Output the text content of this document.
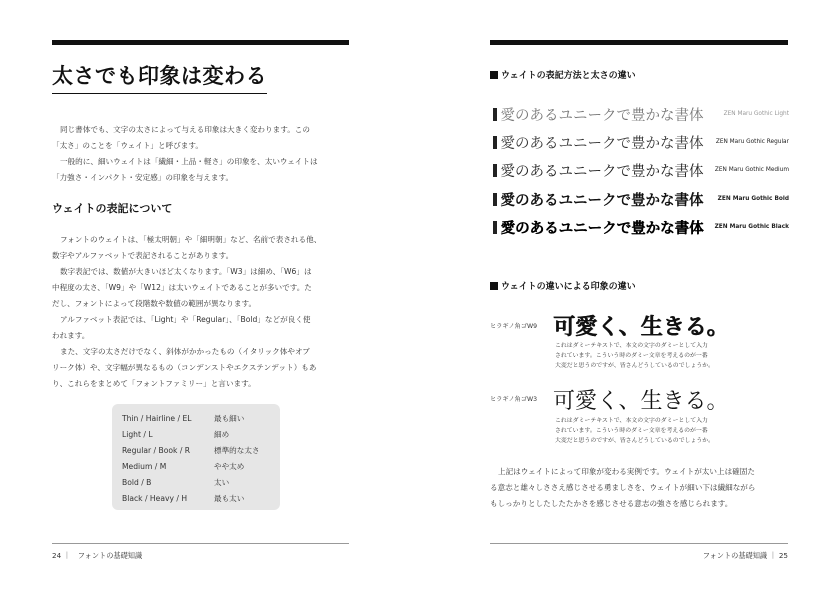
太さでも印象は変わる
同じ書体でも、文字の太さによって与える印象は大きく変わります。この
「太さ」のことを「ウェイト」と呼びます。
一般的に、細いウェイトは「繊細・上品・軽さ」の印象を、太いウェイトは
「力強さ・インパクト・安定感」の印象を与えます。
ウェイトの表記について
フォントのウェイトは、「極太明朝」や「細明朝」など、名前で表される他、
数字やアルファベットで表記されることがあります。
数字表記では、数値が大きいほど太くなります。「W3」は細め、「W6」は
中程度の太さ、「W9」や「W12」は太いウェイトであることが多いです。た
だし、フォントによって段階数や数値の範囲が異なります。
アルファベット表記では、「Light」や「Regular」、「Bold」などが良く使
われます。
また、文字の太さだけでなく、斜体がかかったもの（イタリック体やオブ
リーク体）や、文字幅が異なるもの（コンデンストやエクステンデット）もあ
り、これらをまとめて「フォントファミリー」と言います。
Thin / Hairline / EL	最も細い
Light / L	細め
Regular / Book / R	標準的な太さ
Medium / M	やや太め
Bold / B	太い
Black / Heavy / H	最も太い
24 ｜　フォントの基礎知識
ウェイトの表記方法と太さの違い
愛のあるユニークで豊かな書体	ZEN Maru Gothic Light
愛のあるユニークで豊かな書体 ZEN Maru Gothic Regular
愛のあるユニークで豊かな書体 ZEN Maru Gothic Medium
愛のあるユニークで豊かな書体 ZEN Maru Gothic Bold
愛のあるユニークで豊かな書体 ZEN Maru Gothic Black
ウェイトの違いによる印象の違い
ヒラギノ角ゴW9 可愛く、生きる。
これはダミーテキストで、本文の文字のダミーとして入力
されています。こういう時のダミー文章を考えるのが一番
大変だと思うのですが、皆さんどうしているのでしょうか。
ヒラギノ角ゴW3 可愛く、生きる。
これはダミーテキストで、本文の文字のダミーとして入力
されています。こういう時のダミー文章を考えるのが一番
大変だと思うのですが、皆さんどうしているのでしょうか。
上記はウェイトによって印象が変わる実例です。ウェイトが太い上は確固た
る意志と雄々しささえ感じさせる勇ましさを、ウェイトが細い下は繊細ながら
もしっかりとしたしたたかさを感じさせる意志の強さを感じられます。
フォントの基礎知識 ｜ 25
